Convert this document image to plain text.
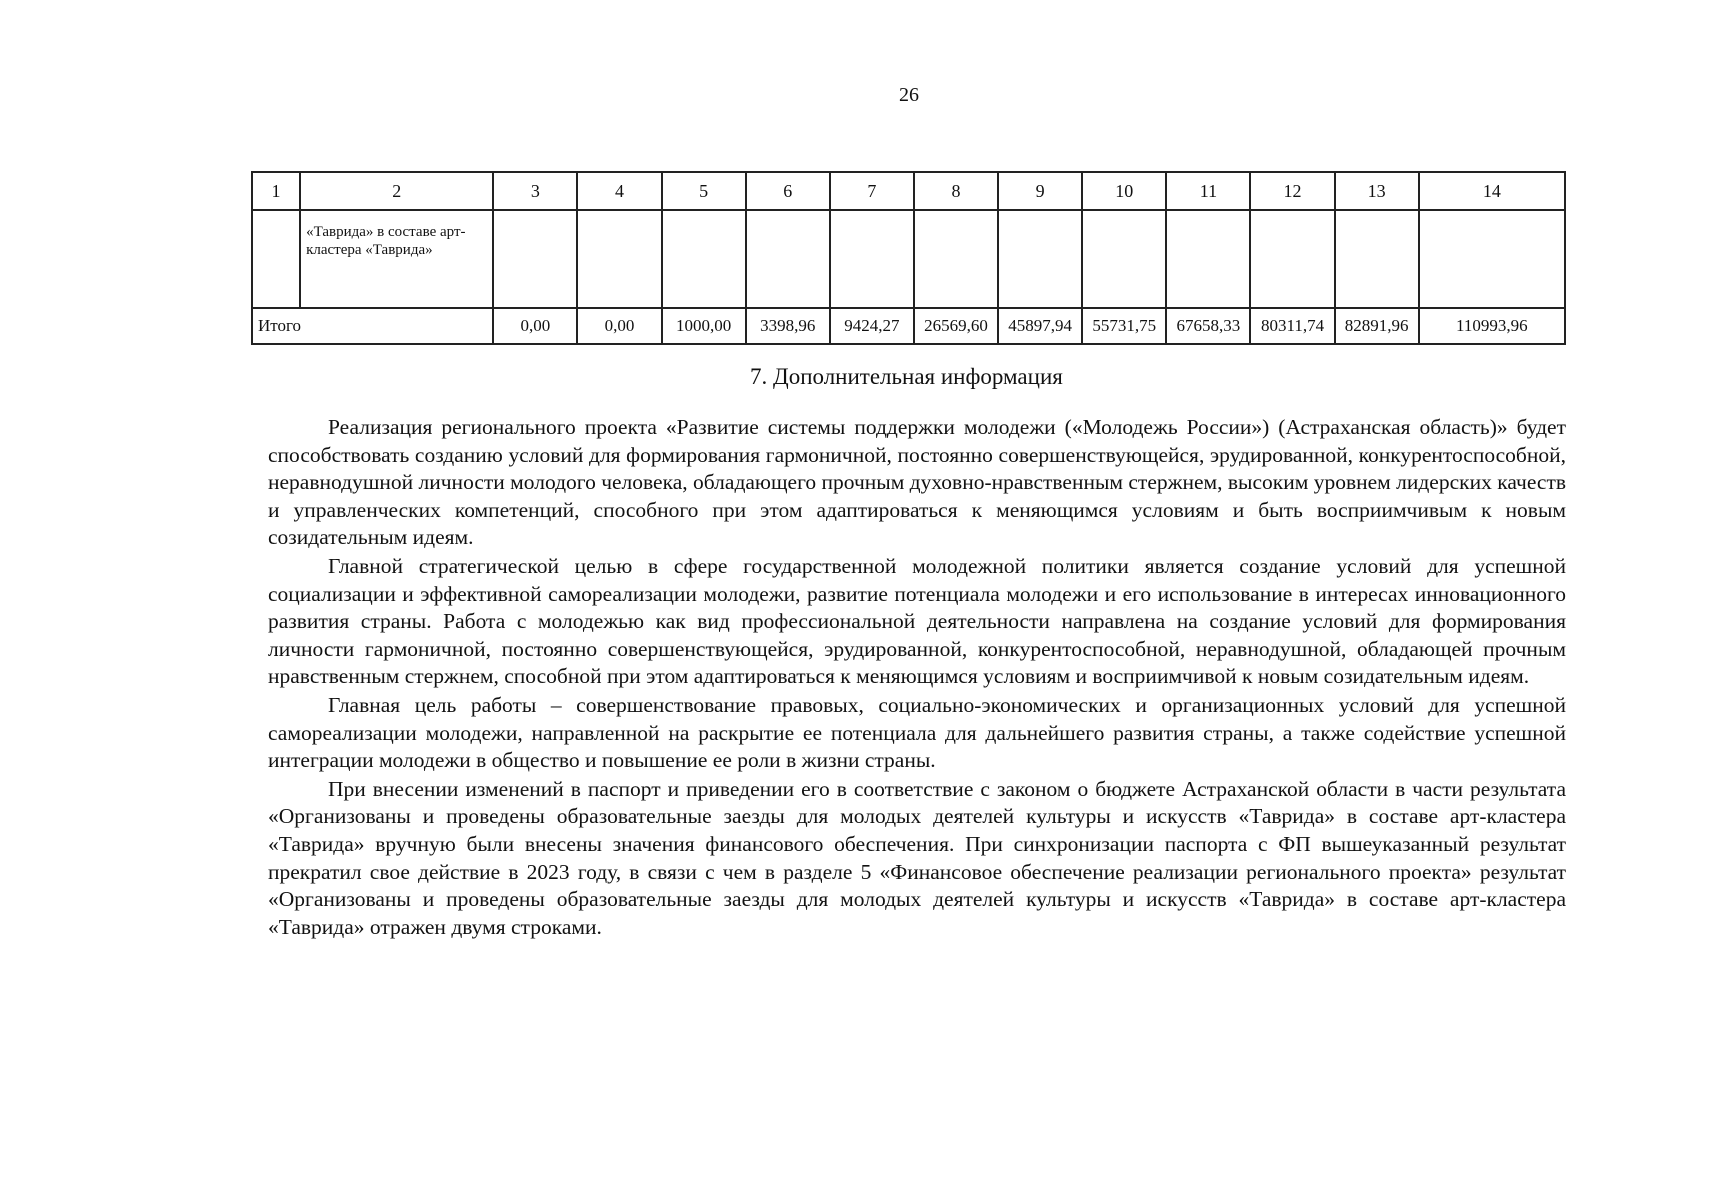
26
1	2	3	4	5	6	7	8	9	10	11	12	13	14
	«Таврида» в составе арт-кластера «Таврида»												
Итого		0,00	0,00	1000,00	3398,96	9424,27	26569,60	45897,94	55731,75	67658,33	80311,74	82891,96	110993,96
7. Дополнительная информация

Реализация регионального проекта «Развитие системы поддержки молодежи («Молодежь России») (Астраханская область)» будет способствовать созданию условий для формирования гармоничной, постоянно совершенствующейся, эрудированной, конкурентоспособной, неравнодушной личности молодого человека, обладающего прочным духовно-нравственным стержнем, высоким уровнем лидерских качеств и управленческих компетенций, способного при этом адаптироваться к меняющимся условиям и быть восприимчивым к новым созидательным идеям.

Главной стратегической целью в сфере государственной молодежной политики является создание условий для успешной социализации и эффективной самореализации молодежи, развитие потенциала молодежи и его использование в интересах инновационного развития страны. Работа с молодежью как вид профессиональной деятельности направлена на создание условий для формирования личности гармоничной, постоянно совершенствующейся, эрудированной, конкурентоспособной, неравнодушной, обладающей прочным нравственным стержнем, способной при этом адаптироваться к меняющимся условиям и восприимчивой к новым созидательным идеям.

Главная цель работы – совершенствование правовых, социально-экономических и организационных условий для успешной самореализации молодежи, направленной на раскрытие ее потенциала для дальнейшего развития страны, а также содействие успешной интеграции молодежи в общество и повышение ее роли в жизни страны.

При внесении изменений в паспорт и приведении его в соответствие с законом о бюджете Астраханской области в части результата «Организованы и проведены образовательные заезды для молодых деятелей культуры и искусств «Таврида» в составе арт-кластера «Таврида» вручную были внесены значения финансового обеспечения. При синхронизации паспорта с ФП вышеуказанный результат прекратил свое действие в 2023 году, в связи с чем в разделе 5 «Финансовое обеспечение реализации регионального проекта» результат «Организованы и проведены образовательные заезды для молодых деятелей культуры и искусств «Таврида» в составе арт-кластера «Таврида» отражен двумя строками.
